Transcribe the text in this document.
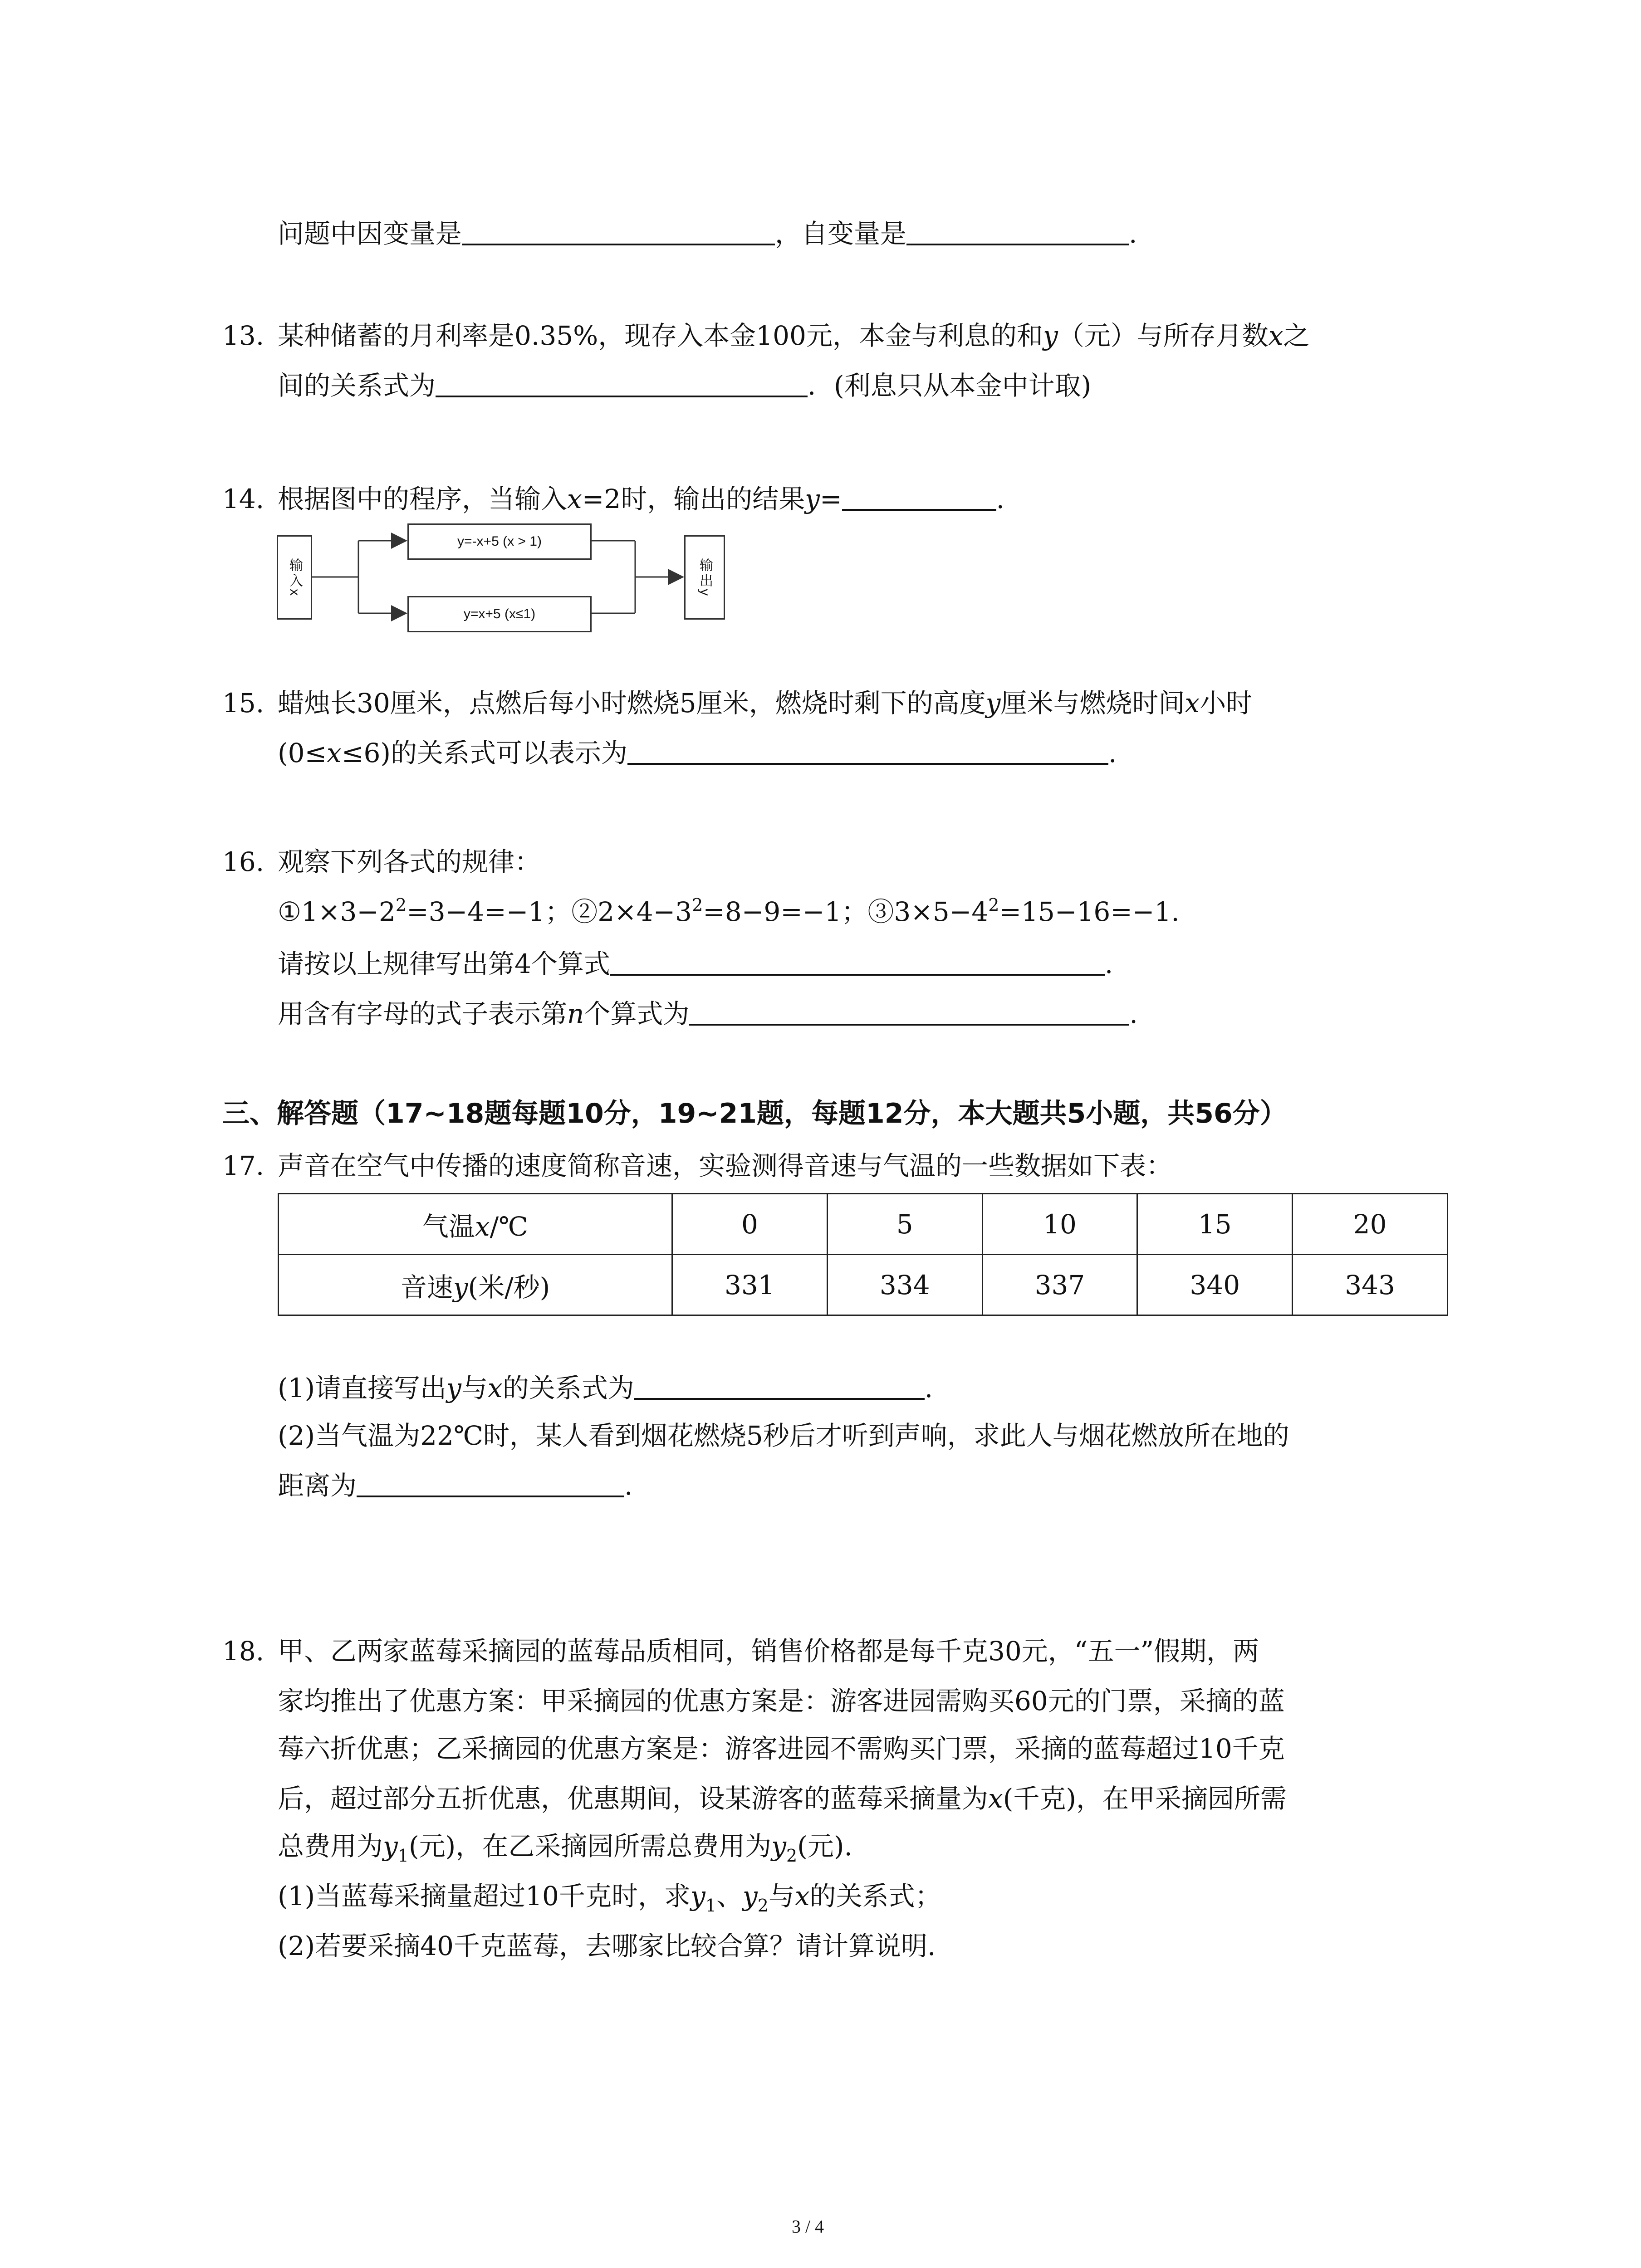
问题中因变量是	，自变量是	.
13. 某种储蓄的月利率是0.35%，现存入本金100元，本金与利息的和y（元）与所存月数x之
间的关系式为	．(利息只从本金中计取)
14. 根据图中的程序，当输入x=2时，输出的结果y=	.
输入x
y=-x+5 (x > 1)
y=x+5 (x≤1)
输出y
15. 蜡烛长30厘米，点燃后每小时燃烧5厘米，燃烧时剩下的高度y厘米与燃烧时间x小时
(0≤x≤6)的关系式可以表示为	.
16. 观察下列各式的规律：
$①1\times 3-2^2=3-4=-1$；$②2\times 4-3^2=8-9=-1$；$③3\times 5-4^2=15-16=-1$.
请按以上规律写出第4个算式	.
用含有字母的式子表示第n个算式为	.
三、解答题（17~18题每题10分，19~21题，每题12分，本大题共5小题，共56分）
17. 声音在空气中传播的速度简称音速，实验测得音速与气温的一些数据如下表：
气温x/℃	0	5	10	15	20
音速y(米/秒)	331	334	337	340	343
(1)请直接写出y与x的关系式为	.
(2)当气温为22℃时，某人看到烟花燃烧5秒后才听到声响，求此人与烟花燃放所在地的
距离为	.
18. 甲、乙两家蓝莓采摘园的蓝莓品质相同，销售价格都是每千克30元，“五一”假期，两
家均推出了优惠方案：甲采摘园的优惠方案是：游客进园需购买60元的门票，采摘的蓝
莓六折优惠；乙采摘园的优惠方案是：游客进园不需购买门票，采摘的蓝莓超过10千克
后，超过部分五折优惠，优惠期间，设某游客的蓝莓采摘量为x(千克)，在甲采摘园所需
总费用为$y_1$(元)，在乙采摘园所需总费用为$y_2$(元).
(1)当蓝莓采摘量超过10千克时，求$y_1$、$y_2$与x的关系式；
(2)若要采摘40千克蓝莓，去哪家比较合算？请计算说明.
3 / 4
